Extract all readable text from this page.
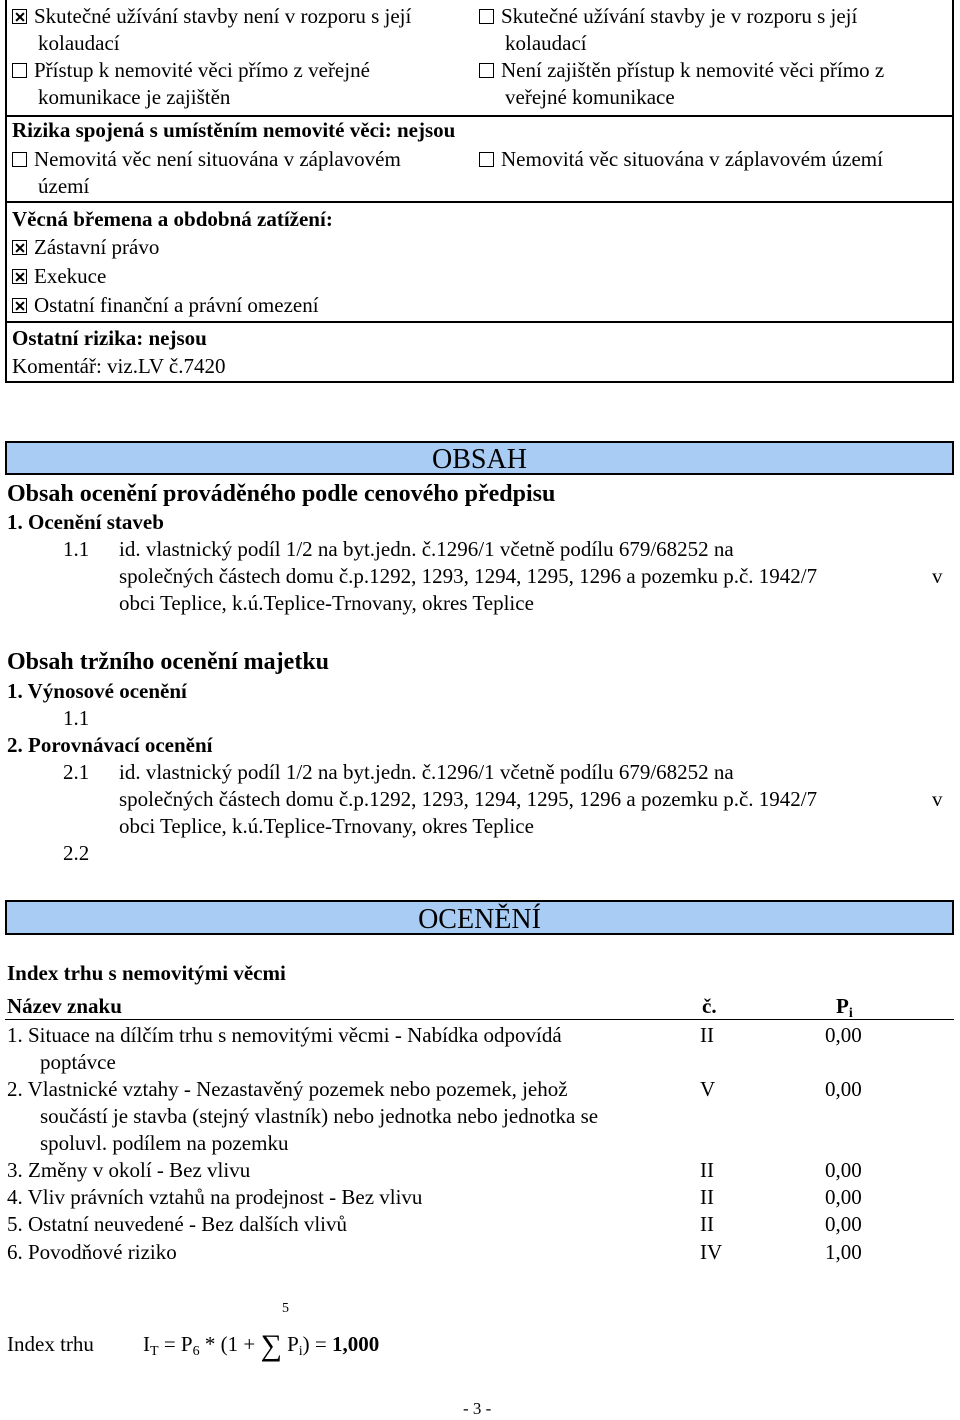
Skutečné užívání stavby není v rozporu s její
kolaudací
Skutečné užívání stavby je v rozporu s její
kolaudací
Přístup k nemovité věci přímo z veřejné
komunikace je zajištěn
Není zajištěn přístup k nemovité věci přímo z
veřejné komunikace
Rizika spojená s umístěním nemovité věci: nejsou
Nemovitá věc není situována v záplavovém
území
Nemovitá věc situována v záplavovém území
Věcná břemena a obdobná zatížení:
Zástavní právo
Exekuce
Ostatní finanční a právní omezení
Ostatní rizika: nejsou
Komentář: viz.LV č.7420
OBSAH
Obsah ocenění prováděného podle cenového předpisu
1. Ocenění staveb
1.1 id. vlastnický podíl 1/2 na byt.jedn. č.1296/1 včetně podílu 679/68252 na
společných částech domu č.p.1292, 1293, 1294, 1295, 1296 a pozemku p.č. 1942/7	v
obci Teplice, k.ú.Teplice-Trnovany, okres Teplice
Obsah tržního ocenění majetku
1. Výnosové ocenění
1.1
2. Porovnávací ocenění
2.1 id. vlastnický podíl 1/2 na byt.jedn. č.1296/1 včetně podílu 679/68252 na
společných částech domu č.p.1292, 1293, 1294, 1295, 1296 a pozemku p.č. 1942/7	v
obci Teplice, k.ú.Teplice-Trnovany, okres Teplice
2.2
OCENĚNÍ
Index trhu s nemovitými věcmi
Název znaku	č.	$P_i$
1. Situace na dílčím trhu s nemovitými věcmi - Nabídka odpovídá
poptávce
II	0,00
2. Vlastnické vztahy - Nezastavěný pozemek nebo pozemek, jehož
součástí je stavba (stejný vlastník) nebo jednotka nebo jednotka se
spoluvl. podílem na pozemku
V	0,00
3. Změny v okolí - Bez vlivu	II	0,00
4. Vliv právních vztahů na prodejnost - Bez vlivu	II	0,00
5. Ostatní neuvedené - Bez dalších vlivů	II	0,00
6. Povodňové riziko	IV	1,00
5
Index trhu $I_T = P_6 * (1$ + ∑ $P_i) = 1,000$
- 3 -
